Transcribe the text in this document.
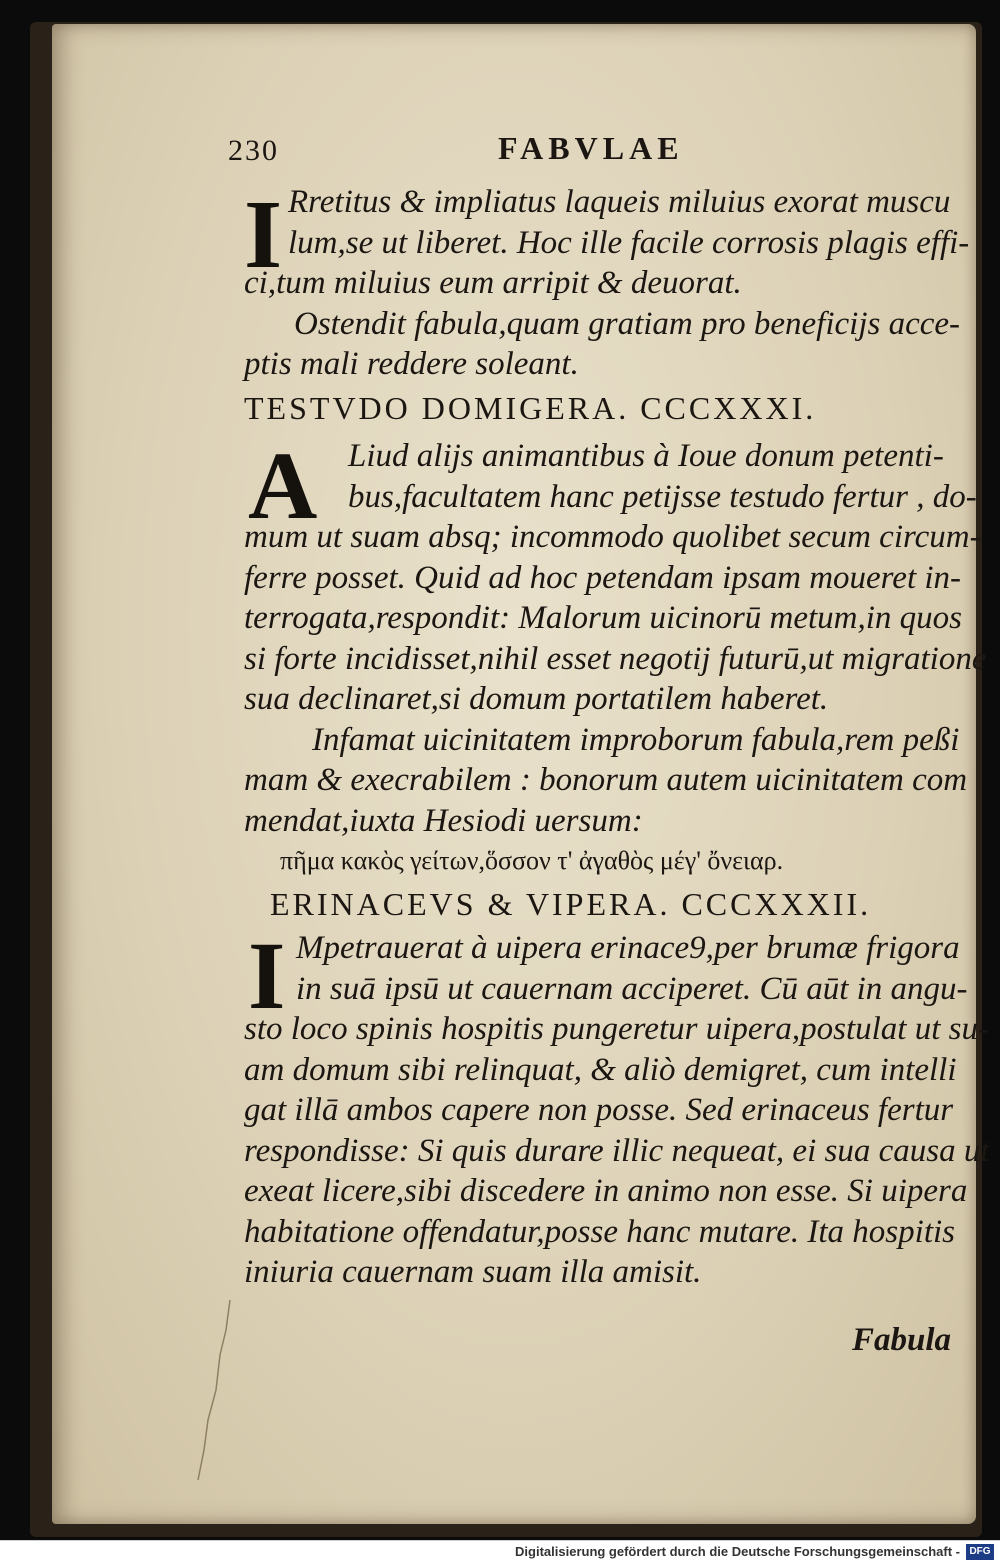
230	FABVLAE
I Rretitus & impliatus laqueis miluius exorat muscu
lum,se ut liberet. Hoc ille facile corrosis plagis effi-
ci,tum miluius eum arripit & deuorat.
Ostendit fabula,quam gratiam pro beneficijs acce-
ptis mali reddere soleant.
TESTVDO DOMIGERA. CCCXXXI.
A Liud alijs animantibus à Ioue donum petenti-
bus,facultatem hanc petijsse testudo fertur , do-
mum ut suam absq; incommodo quolibet secum circum-
ferre posset. Quid ad hoc petendam ipsam moueret in-
terrogata,respondit: Malorum uicinorū metum,in quos
si forte incidisset,nihil esset negotij futurū,ut migratione
sua declinaret,si domum portatilem haberet.
Infamat uicinitatem improborum fabula,rem peßi
mam & execrabilem : bonorum autem uicinitatem com
mendat,iuxta Hesiodi uersum:
πῆμα κακὸς γείτων,ὅσσον τ' ἀγαθὸς μέγ' ὄνειαρ.
ERINACEVS & VIPERA. CCCXXXII.
I Mpetrauerat à uipera erinace9,per brumæ frigora
in suā ipsū ut cauernam acciperet. Cū aūt in angu-
sto loco spinis hospitis pungeretur uipera,postulat ut su-
am domum sibi relinquat, & aliò demigret, cum intelli
gat illā ambos capere non posse. Sed erinaceus fertur
respondisse: Si quis durare illic nequeat, ei sua causa ut
exeat licere,sibi discedere in animo non esse. Si uipera
habitatione offendatur,posse hanc mutare. Ita hospitis
iniuria cauernam suam illa amisit.
Fabula
Digitalisierung gefördert durch die Deutsche Forschungsgemeinschaft - DFG
